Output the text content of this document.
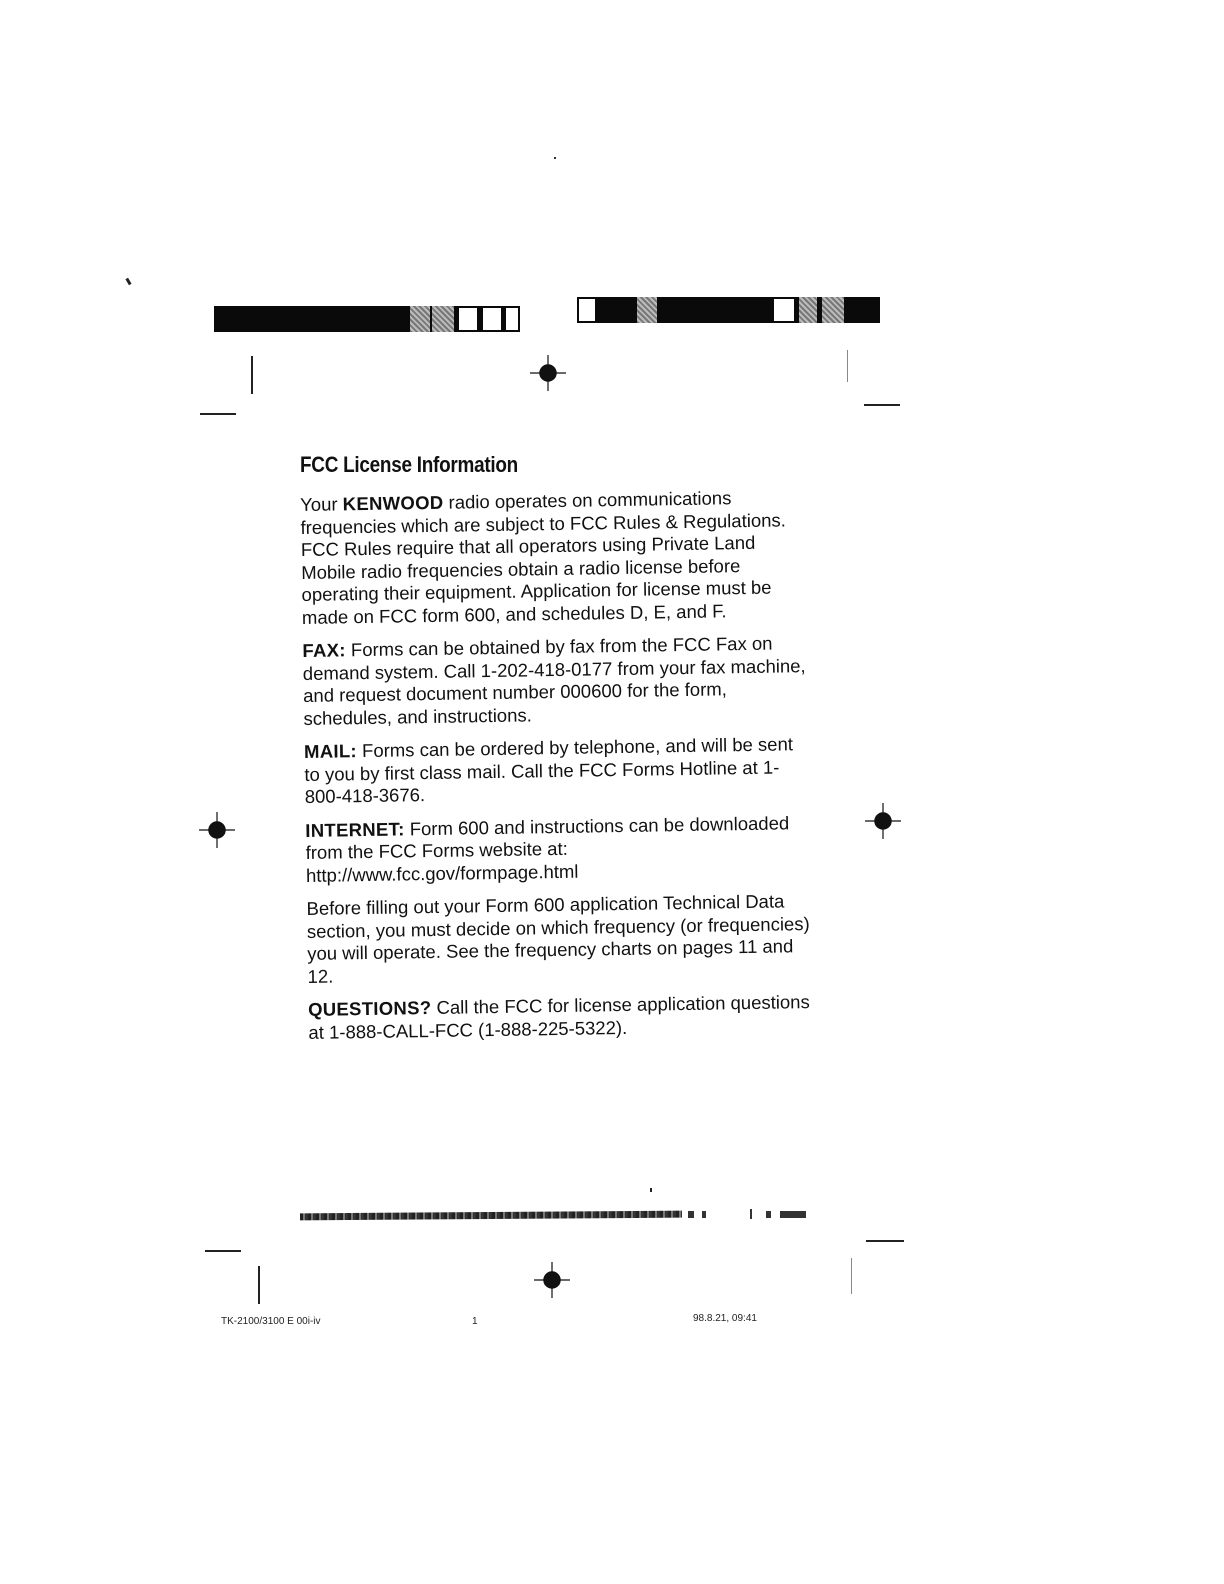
FCC License Information

Your KENWOOD radio operates on communications frequencies which are subject to FCC Rules & Regulations. FCC Rules require that all operators using Private Land Mobile radio frequencies obtain a radio license before operating their equipment. Application for license must be made on FCC form 600, and schedules D, E, and F.

FAX: Forms can be obtained by fax from the FCC Fax on demand system. Call 1-202-418-0177 from your fax machine, and request document number 000600 for the form, schedules, and instructions.

MAIL: Forms can be ordered by telephone, and will be sent to you by first class mail. Call the FCC Forms Hotline at 1-800-418-3676.

INTERNET: Form 600 and instructions can be downloaded from the FCC Forms website at: http://www.fcc.gov/formpage.html

Before filling out your Form 600 application Technical Data section, you must decide on which frequency (or frequencies) you will operate. See the frequency charts on pages 11 and 12.

QUESTIONS? Call the FCC for license application questions at 1-888-CALL-FCC (1-888-225-5322).

TK-2100/3100 E 00i-iv	1	98.8.21, 09:41
